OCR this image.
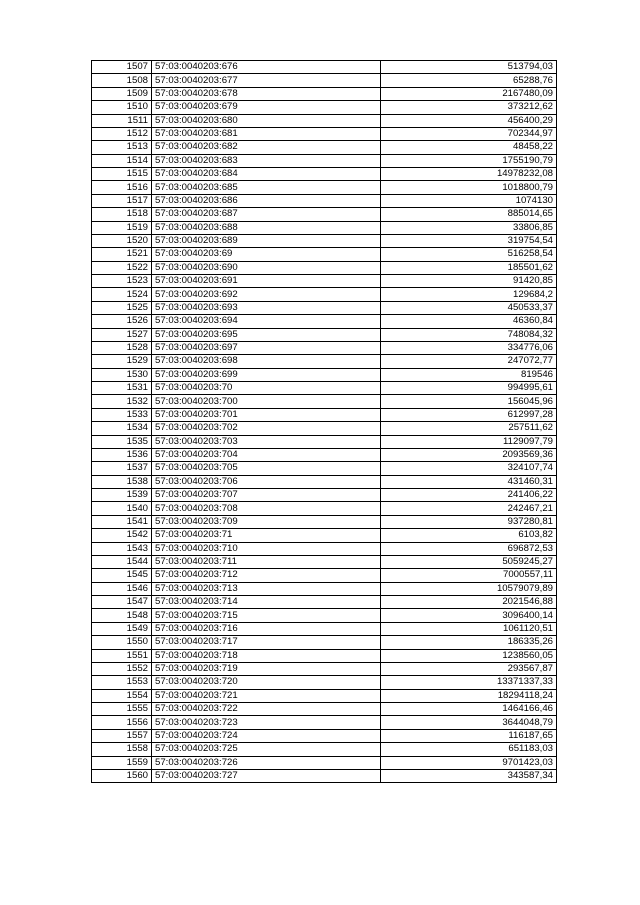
1507	57:03:0040203:676	513794,03
1508	57:03:0040203:677	65288,76
1509	57:03:0040203:678	2167480,09
1510	57:03:0040203:679	373212,62
1511	57:03:0040203:680	456400,29
1512	57:03:0040203:681	702344,97
1513	57:03:0040203:682	48458,22
1514	57:03:0040203:683	1755190,79
1515	57:03:0040203:684	14978232,08
1516	57:03:0040203:685	1018800,79
1517	57:03:0040203:686	1074130
1518	57:03:0040203:687	885014,65
1519	57:03:0040203:688	33806,85
1520	57:03:0040203:689	319754,54
1521	57:03:0040203:69	516258,54
1522	57:03:0040203:690	185501,62
1523	57:03:0040203:691	91420,85
1524	57:03:0040203:692	129684,2
1525	57:03:0040203:693	450533,37
1526	57:03:0040203:694	46360,84
1527	57:03:0040203:695	748084,32
1528	57:03:0040203:697	334776,06
1529	57:03:0040203:698	247072,77
1530	57:03:0040203:699	819546
1531	57:03:0040203:70	994995,61
1532	57:03:0040203:700	156045,96
1533	57:03:0040203:701	612997,28
1534	57:03:0040203:702	257511,62
1535	57:03:0040203:703	1129097,79
1536	57:03:0040203:704	2093569,36
1537	57:03:0040203:705	324107,74
1538	57:03:0040203:706	431460,31
1539	57:03:0040203:707	241406,22
1540	57:03:0040203:708	242467,21
1541	57:03:0040203:709	937280,81
1542	57:03:0040203:71	6103,82
1543	57:03:0040203:710	696872,53
1544	57:03:0040203:711	5059245,27
1545	57:03:0040203:712	7000557,11
1546	57:03:0040203:713	10579079,89
1547	57:03:0040203:714	2021546,88
1548	57:03:0040203:715	3096400,14
1549	57:03:0040203:716	1061120,51
1550	57:03:0040203:717	186335,26
1551	57:03:0040203:718	1238560,05
1552	57:03:0040203:719	293567,87
1553	57:03:0040203:720	13371337,33
1554	57:03:0040203:721	18294118,24
1555	57:03:0040203:722	1464166,46
1556	57:03:0040203:723	3644048,79
1557	57:03:0040203:724	116187,65
1558	57:03:0040203:725	651183,03
1559	57:03:0040203:726	9701423,03
1560	57:03:0040203:727	343587,34
